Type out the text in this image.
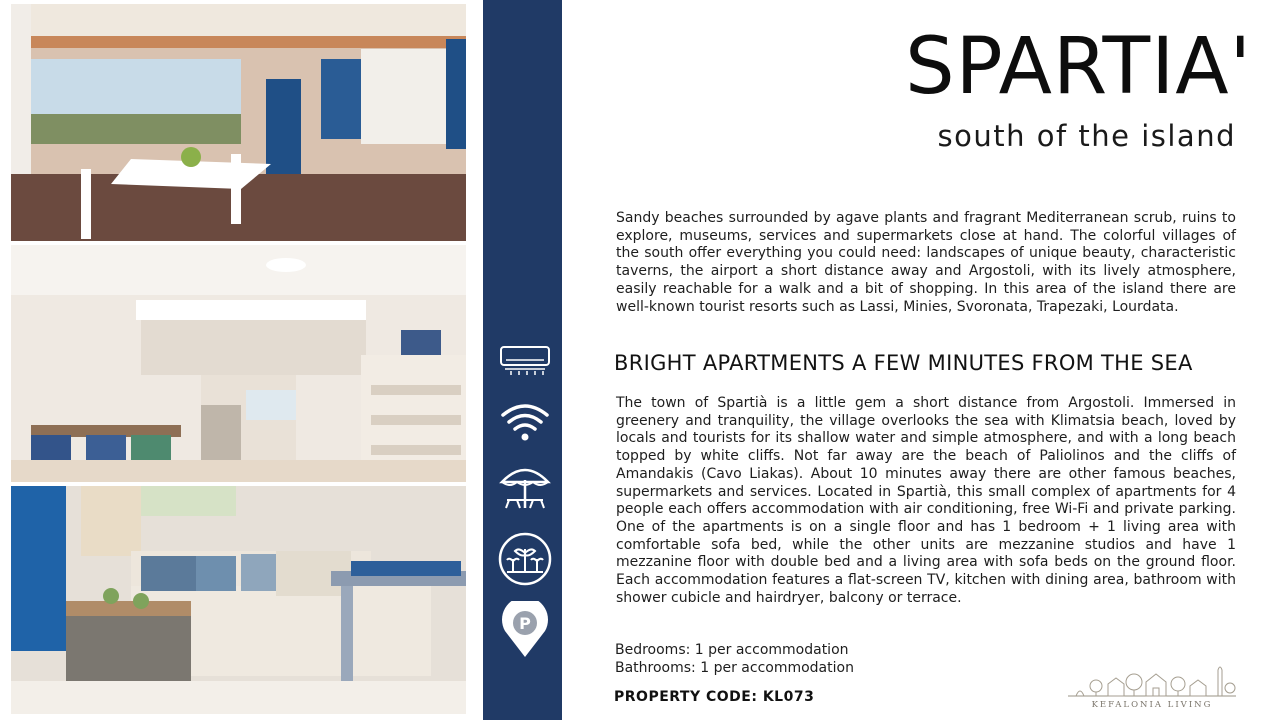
P
SPARTIA'
south of the island

Sandy beaches surrounded by agave plants and fragrant Mediterranean scrub, ruins to explore, museums, services and supermarkets close at hand. The colorful villages of the south offer everything you could need: landscapes of unique beauty, characteristic taverns, the airport a short distance away and Argostoli, with its lively atmosphere, easily reachable for a walk and a bit of shopping. In this area of the island there are well-known tourist resorts such as Lassi, Minies, Svoronata, Trapezaki, Lourdata.

BRIGHT APARTMENTS A FEW MINUTES FROM THE SEA

The town of Spartià is a little gem a short distance from Argostoli. Immersed in greenery and tranquility, the village overlooks the sea with Klimatsia beach, loved by locals and tourists for its shallow water and simple atmosphere, and with a long beach topped by white cliffs. Not far away are the beach of Paliolinos and the cliffs of Amandakis (Cavo Liakas). About 10 minutes away there are other famous beaches, supermarkets and services. Located in Spartià, this small complex of apartments for 4 people each offers accommodation with air conditioning, free Wi-Fi and private parking. One of the apartments is on a single floor and has 1 bedroom + 1 living area with comfortable sofa bed, while the other units are mezzanine studios and have 1 mezzanine floor with double bed and a living area with sofa beds on the ground floor. Each accommodation features a flat-screen TV, kitchen with dining area, bathroom with shower cubicle and hairdryer, balcony or terrace.

Bedrooms: 1 per accommodation
Bathrooms: 1 per accommodation
PROPERTY CODE: KL073	KEFALONIA LIVING
